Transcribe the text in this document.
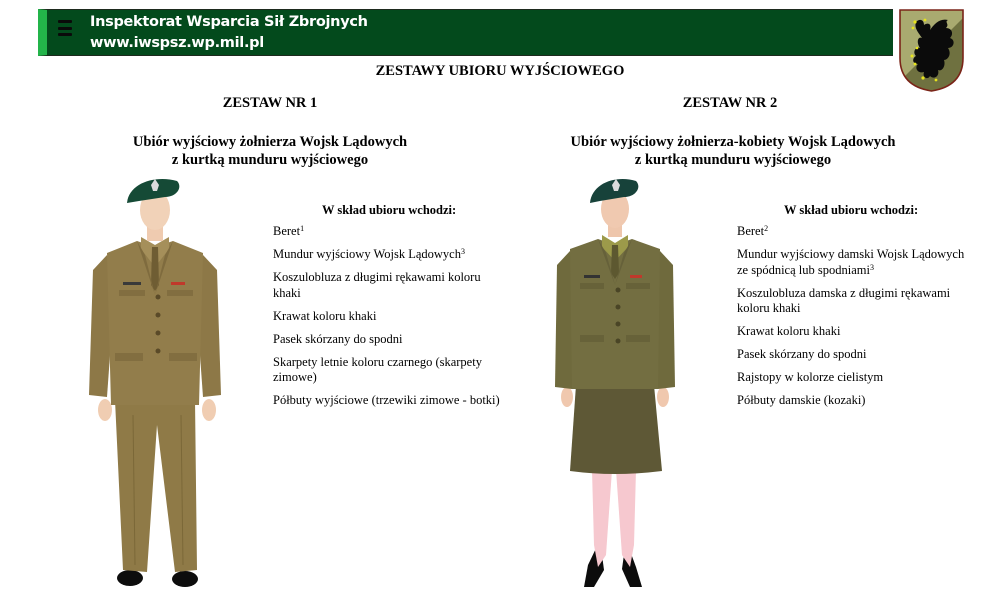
Inspektorat Wsparcia Sił Zbrojnych
www.iwspsz.wp.mil.pl
ZESTAWY UBIORU WYJŚCIOWEGO
ZESTAW NR 1
Ubiór wyjściowy żołnierza Wojsk Lądowych
z kurtką munduru wyjściowego
W skład ubioru wchodzi:
Beret$^1$
Mundur wyjściowy Wojsk Lądowych$^3$
Koszulobluza z długimi rękawami koloru khaki
Krawat koloru khaki
Pasek skórzany do spodni
Skarpety letnie koloru czarnego (skarpety zimowe)
Półbuty wyjściowe (trzewiki zimowe - botki)
ZESTAW NR 2
Ubiór wyjściowy żołnierza-kobiety Wojsk Lądowych
z kurtką munduru wyjściowego
W skład ubioru wchodzi:
Beret$^2$
Mundur wyjściowy damski Wojsk Lądowych ze spódnicą lub spodniami$^3$
Koszulobluza damska z długimi rękawami koloru khaki
Krawat koloru khaki
Pasek skórzany do spodni
Rajstopy w kolorze cielistym
Półbuty damskie (kozaki)
